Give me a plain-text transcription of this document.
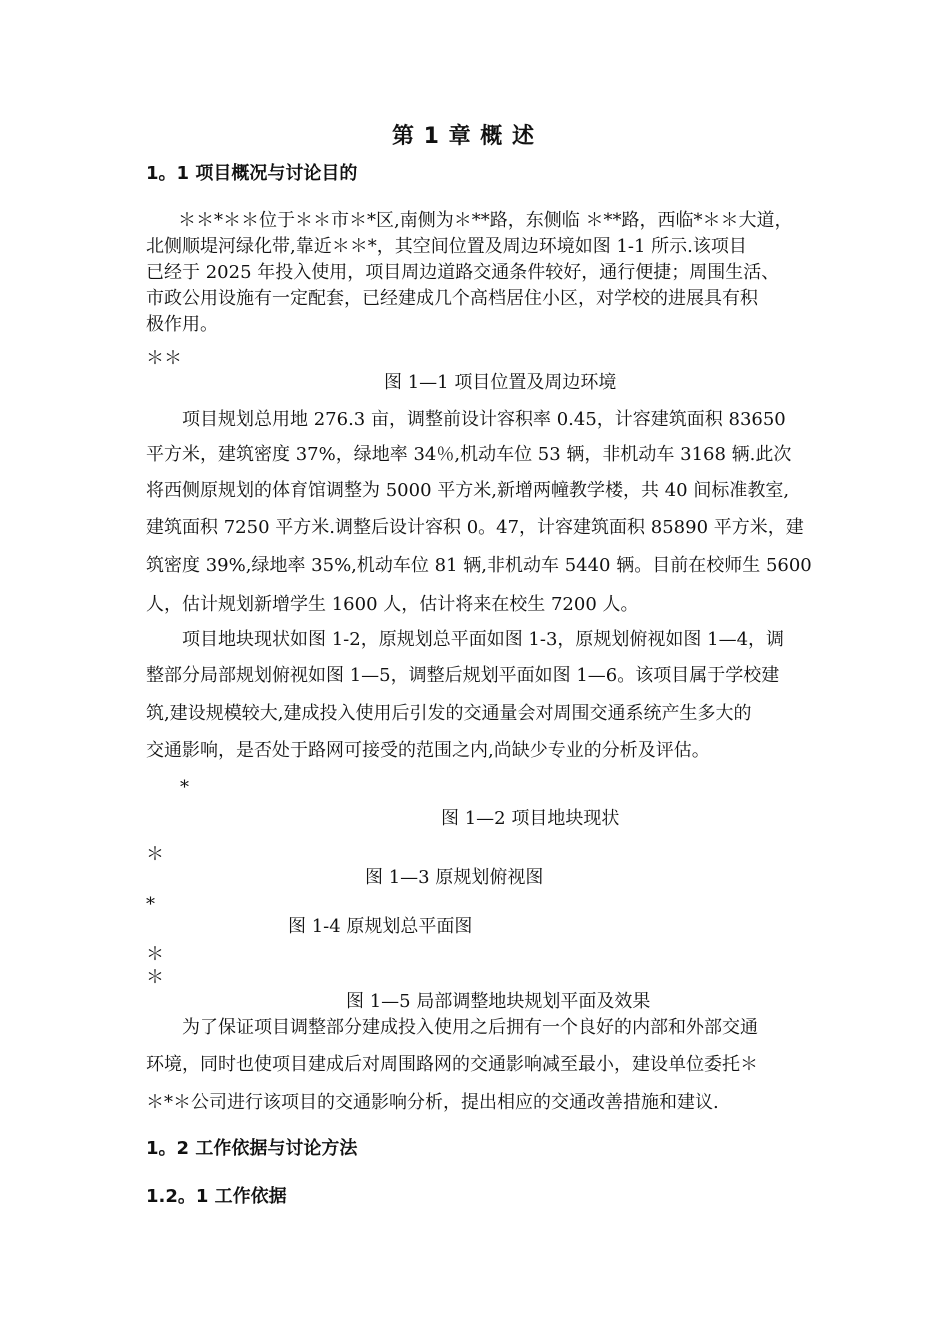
第 1 章 概 述
1。1 项目概况与讨论目的

＊＊*＊＊位于＊＊市＊*区,南侧为＊**路，东侧临 ＊**路，西临*＊＊大道，

北侧顺堤河绿化带,靠近＊＊*，其空间位置及周边环境如图 1-1 所示.该项目

已经于 2025 年投入使用，项目周边道路交通条件较好，通行便捷；周围生活、

市政公用设施有一定配套，已经建成几个高档居住小区，对学校的进展具有积

极作用。

＊＊

图 1—1 项目位置及周边环境

项目规划总用地 276.3 亩，调整前设计容积率 0.45，计容建筑面积 83650

平方米，建筑密度 37%，绿地率 34％,机动车位 53 辆，非机动车 3168 辆.此次

将西侧原规划的体育馆调整为 5000 平方米,新增两幢教学楼，共 40 间标准教室,

建筑面积 7250 平方米.调整后设计容积 0。47，计容建筑面积 85890 平方米，建

筑密度 39%,绿地率 35%,机动车位 81 辆,非机动车 5440 辆。目前在校师生 5600

人，估计规划新增学生 1600 人，估计将来在校生 7200 人。

项目地块现状如图 1-2，原规划总平面如图 1-3，原规划俯视如图 1—4，调

整部分局部规划俯视如图 1—5，调整后规划平面如图 1—6。该项目属于学校建

筑,建设规模较大,建成投入使用后引发的交通量会对周围交通系统产生多大的

交通影响，是否处于路网可接受的范围之内,尚缺少专业的分析及评估。

*

图 1—2 项目地块现状

＊

图 1—3 原规划俯视图

*

图 1-4 原规划总平面图

＊

＊

图 1—5 局部调整地块规划平面及效果

为了保证项目调整部分建成投入使用之后拥有一个良好的内部和外部交通

环境，同时也使项目建成后对周围路网的交通影响减至最小，建设单位委托＊

＊*＊公司进行该项目的交通影响分析，提出相应的交通改善措施和建议.

1。2 工作依据与讨论方法
1.2。1 工作依据
